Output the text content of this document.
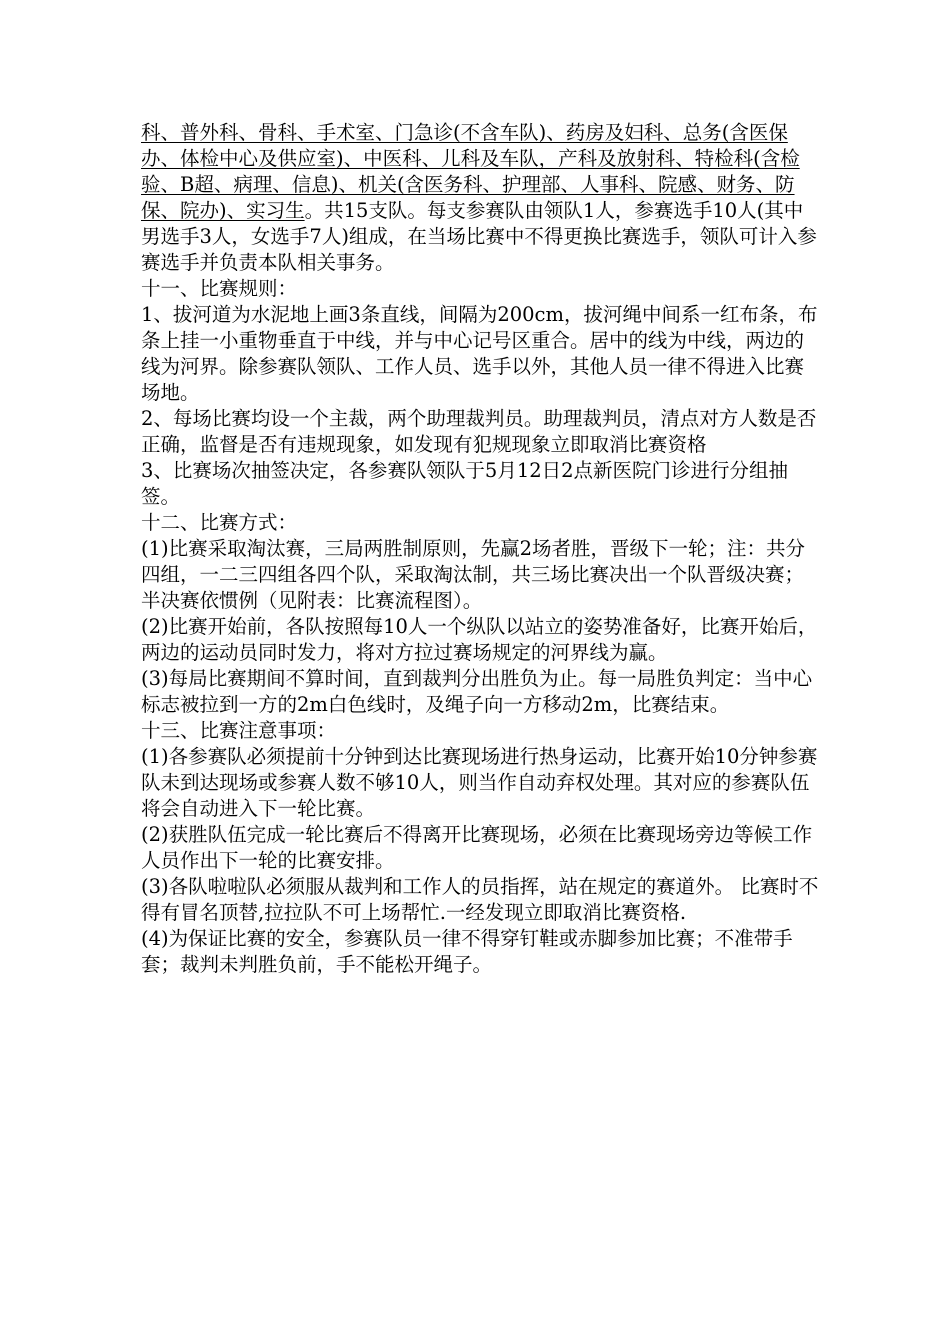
科、普外科、骨科、手术室、门急诊(不含车队)、药房及妇科、总务(含医保办、体检中心及供应室)、中医科、儿科及车队，产科及放射科、特检科(含检验、B超、病理、信息)、机关(含医务科、护理部、人事科、院感、财务、防保、院办)、实习生。共15支队。每支参赛队由领队1人，参赛选手10人(其中男选手3人，女选手7人)组成，在当场比赛中不得更换比赛选手，领队可计入参赛选手并负责本队相关事务。

十一、比赛规则：

1、拔河道为水泥地上画3条直线，间隔为200cm，拔河绳中间系一红布条，布条上挂一小重物垂直于中线，并与中心记号区重合。居中的线为中线，两边的线为河界。除参赛队领队、工作人员、选手以外，其他人员一律不得进入比赛场地。

2、每场比赛均设一个主裁，两个助理裁判员。助理裁判员，清点对方人数是否正确，监督是否有违规现象，如发现有犯规现象立即取消比赛资格

3、比赛场次抽签决定，各参赛队领队于5月12日2点新医院门诊进行分组抽签。

十二、比赛方式：

(1)比赛采取淘汰赛，三局两胜制原则，先赢2场者胜，晋级下一轮；注：共分四组，一二三四组各四个队，采取淘汰制，共三场比赛决出一个队晋级决赛；半决赛依惯例（见附表：比赛流程图）。

(2)比赛开始前，各队按照每10人一个纵队以站立的姿势准备好，比赛开始后，两边的运动员同时发力，将对方拉过赛场规定的河界线为赢。

(3)每局比赛期间不算时间，直到裁判分出胜负为止。每一局胜负判定：当中心标志被拉到一方的2m白色线时，及绳子向一方移动2m，比赛结束。

十三、比赛注意事项：

(1)各参赛队必须提前十分钟到达比赛现场进行热身运动，比赛开始10分钟参赛队未到达现场或参赛人数不够10人，则当作自动弃权处理。其对应的参赛队伍将会自动进入下一轮比赛。

(2)获胜队伍完成一轮比赛后不得离开比赛现场，必须在比赛现场旁边等候工作人员作出下一轮的比赛安排。

(3)各队啦啦队必须服从裁判和工作人的员指挥，站在规定的赛道外。 比赛时不得有冒名顶替,拉拉队不可上场帮忙.一经发现立即取消比赛资格.

(4)为保证比赛的安全，参赛队员一律不得穿钉鞋或赤脚参加比赛；不准带手套；裁判未判胜负前，手不能松开绳子。
